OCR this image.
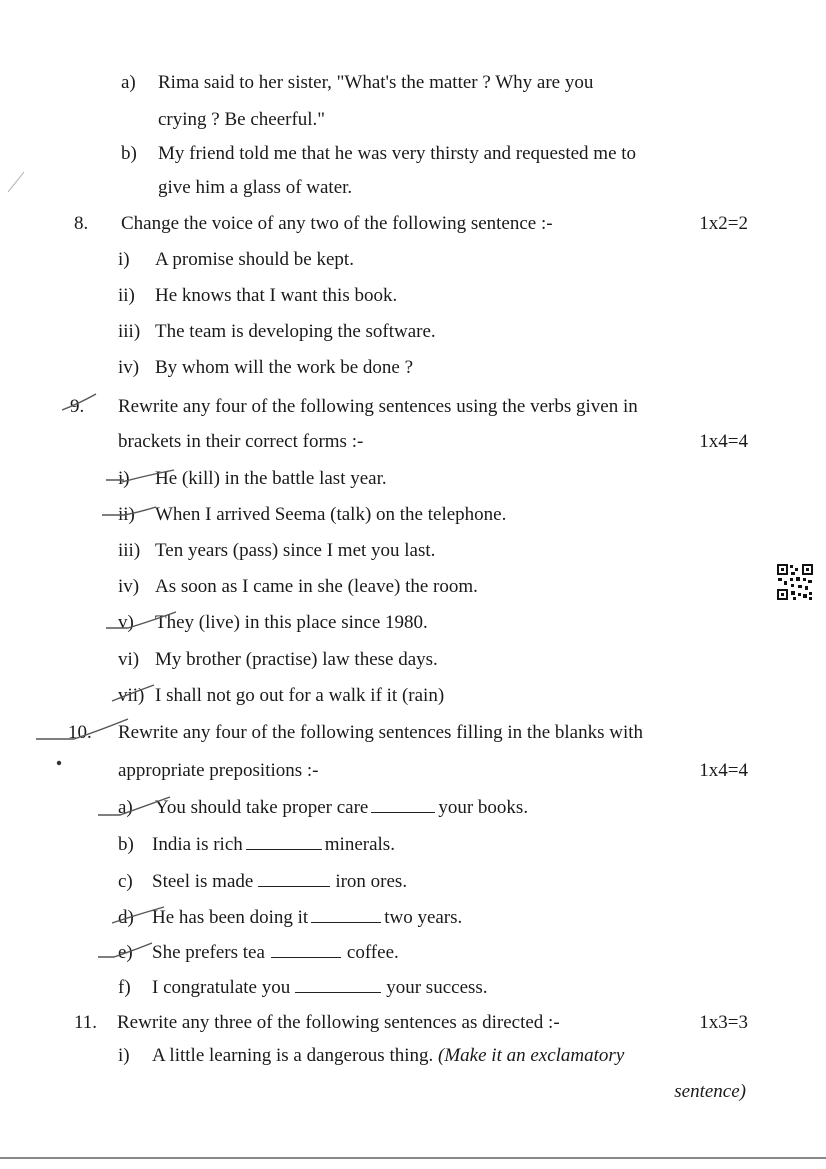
a) Rima said to her sister, "What's the matter ? Why are you
crying ? Be cheerful."
b) My friend told me that he was very thirsty and requested me to
give him a glass of water.
8. Change the voice of any two of the following sentence :-	1x2=2
i) A promise should be kept.
ii) He knows that I want this book.
iii) The team is developing the software.
iv) By whom will the work be done ?
9. Rewrite any four of the following sentences using the verbs given in
brackets in their correct forms :-	1x4=4
i) He (kill) in the battle last year.
ii) When I arrived Seema (talk) on the telephone.
iii) Ten years (pass) since I met you last.
iv) As soon as I came in she (leave) the room.
v) They (live) in this place since 1980.
vi) My brother (practise) law these days.
vii) I shall not go out for a walk if it (rain)
10. Rewrite any four of the following sentences filling in the blanks with
appropriate prepositions :-	1x4=4
a) You should take proper care	your books.
b) India is rich	minerals.
c) Steel is made	iron ores.
d) He has been doing it	two years.
e) She prefers tea	coffee.
f) I congratulate you	your success.
11. Rewrite any three of the following sentences as directed :-	1x3=3
i) A little learning is a dangerous thing. (Make it an exclamatory
sentence)
